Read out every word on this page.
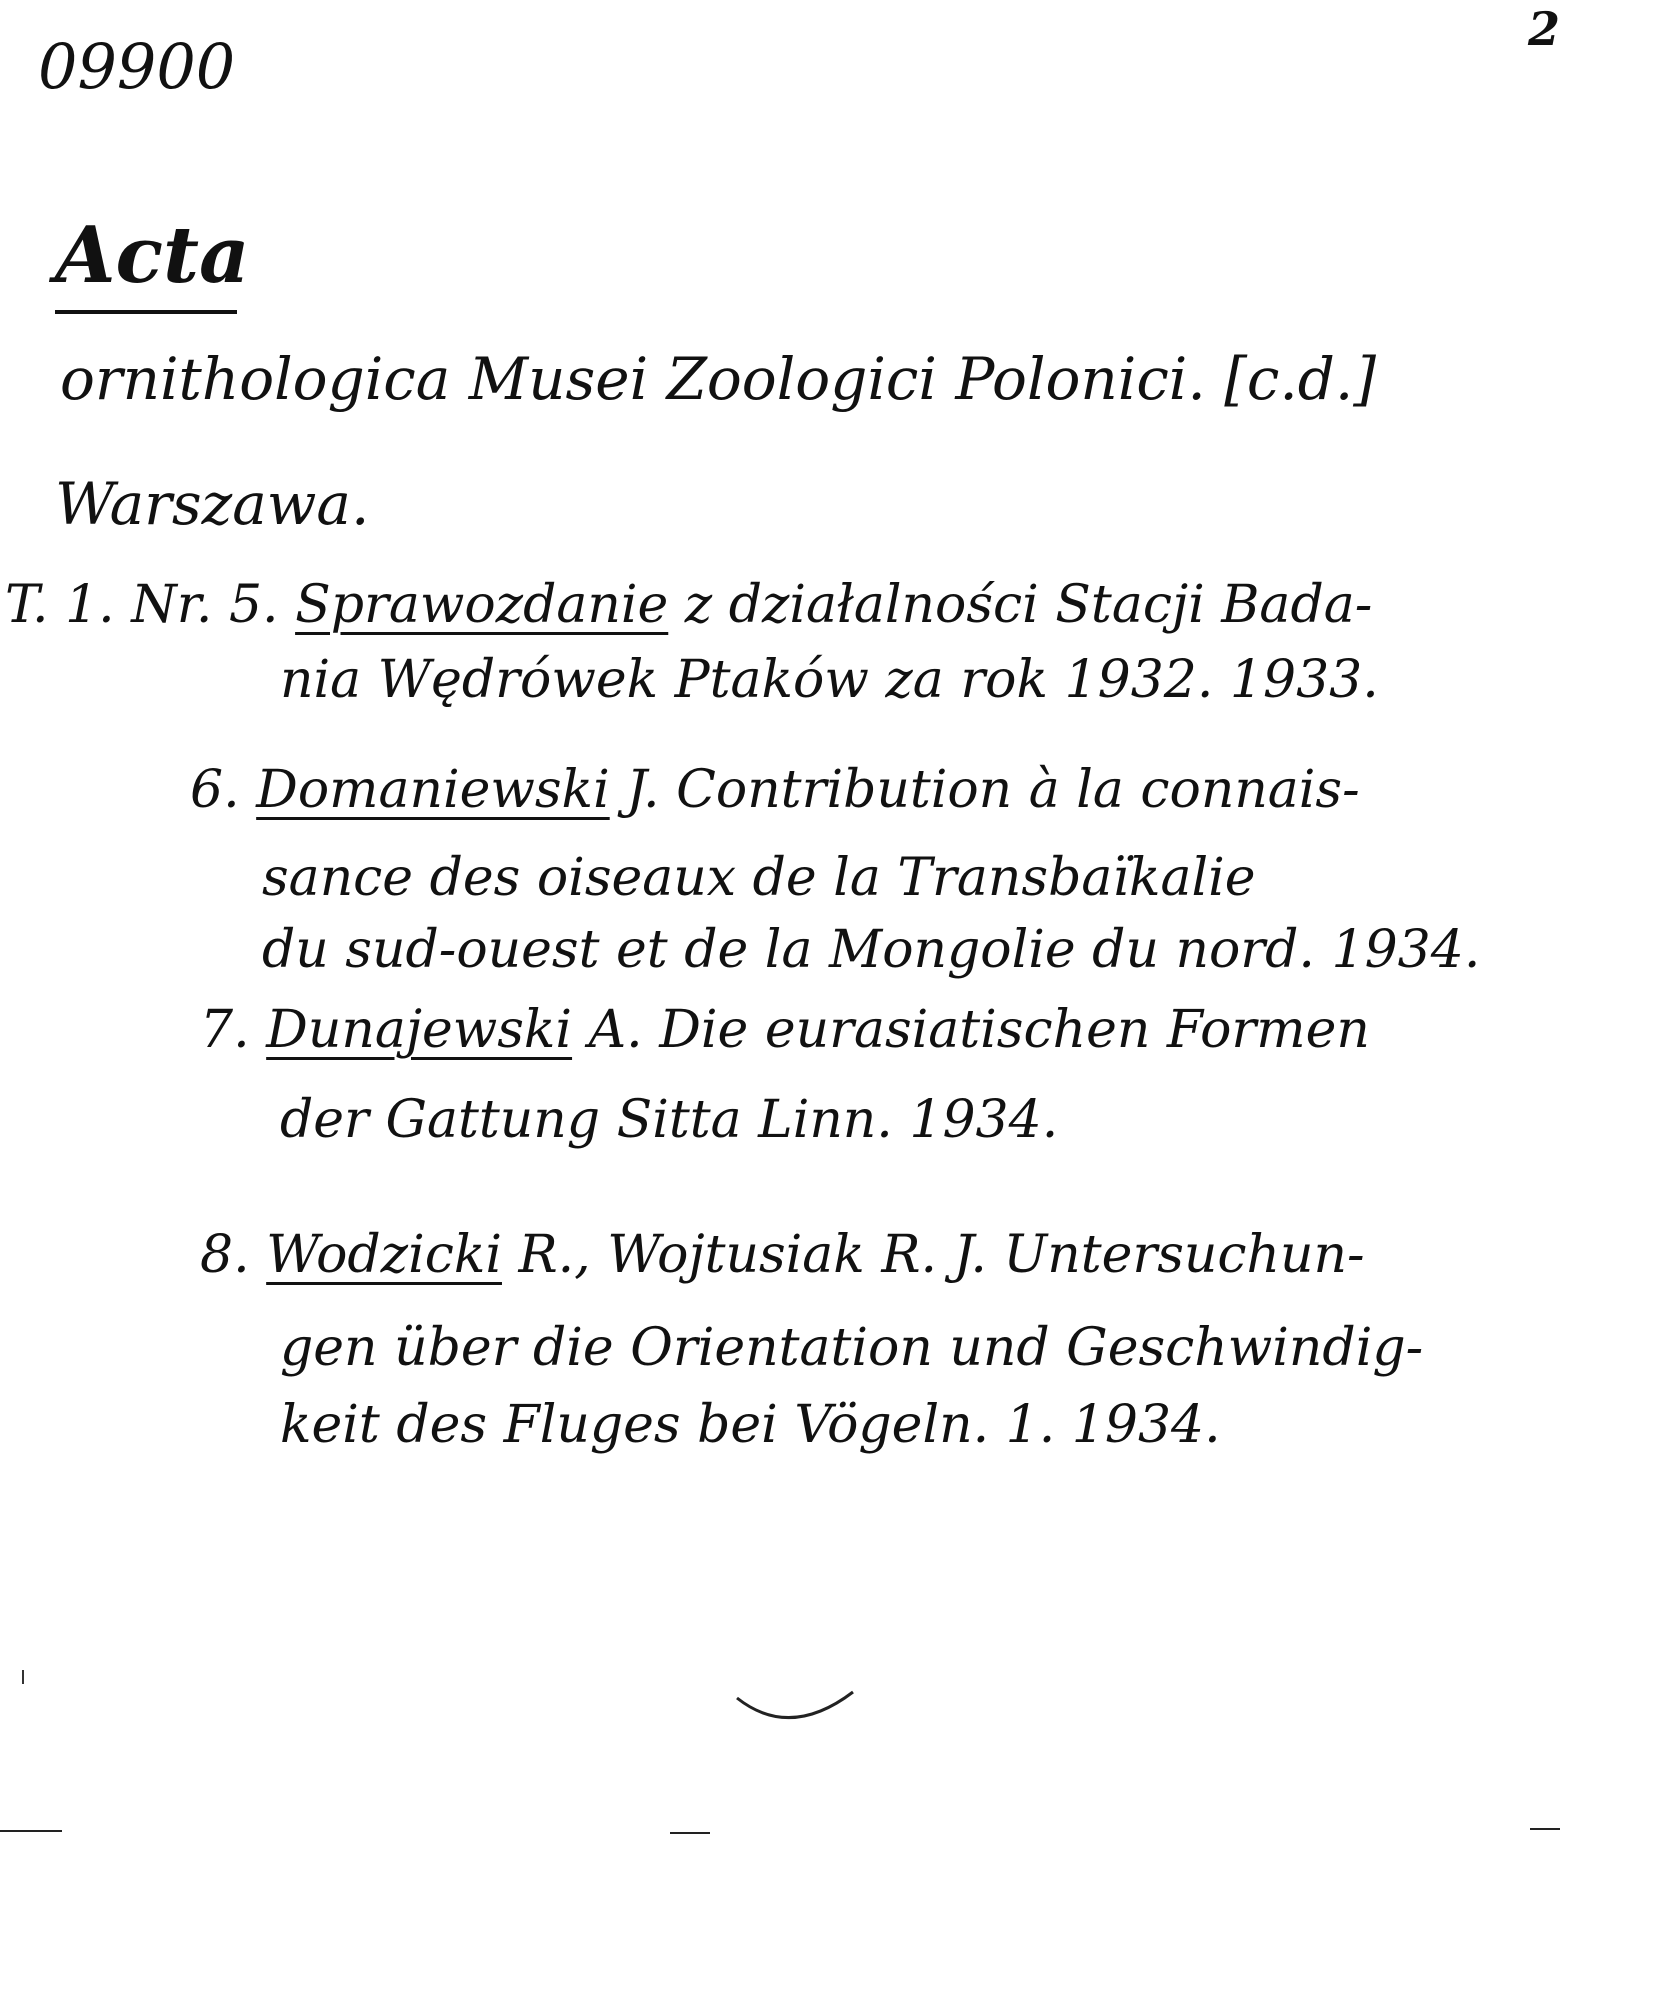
09900
2
Acta
ornithologica Musei Zoologici Polonici. [c.d.]
Warszawa.
T. 1. Nr. 5. Sprawozdanie z działalności Stacji Bada-
nia Wędrówek Ptaków za rok 1932. 1933.
6. Domaniewski J. Contribution à la connais-
sance des oiseaux de la Transbaïkalie
du sud-ouest et de la Mongolie du nord. 1934.
7. Dunajewski A. Die eurasiatischen Formen
der Gattung Sitta Linn. 1934.
8. Wodzicki R., Wojtusiak R. J. Untersuchun-
gen über die Orientation und Geschwindig-
keit des Fluges bei Vögeln. 1. 1934.
